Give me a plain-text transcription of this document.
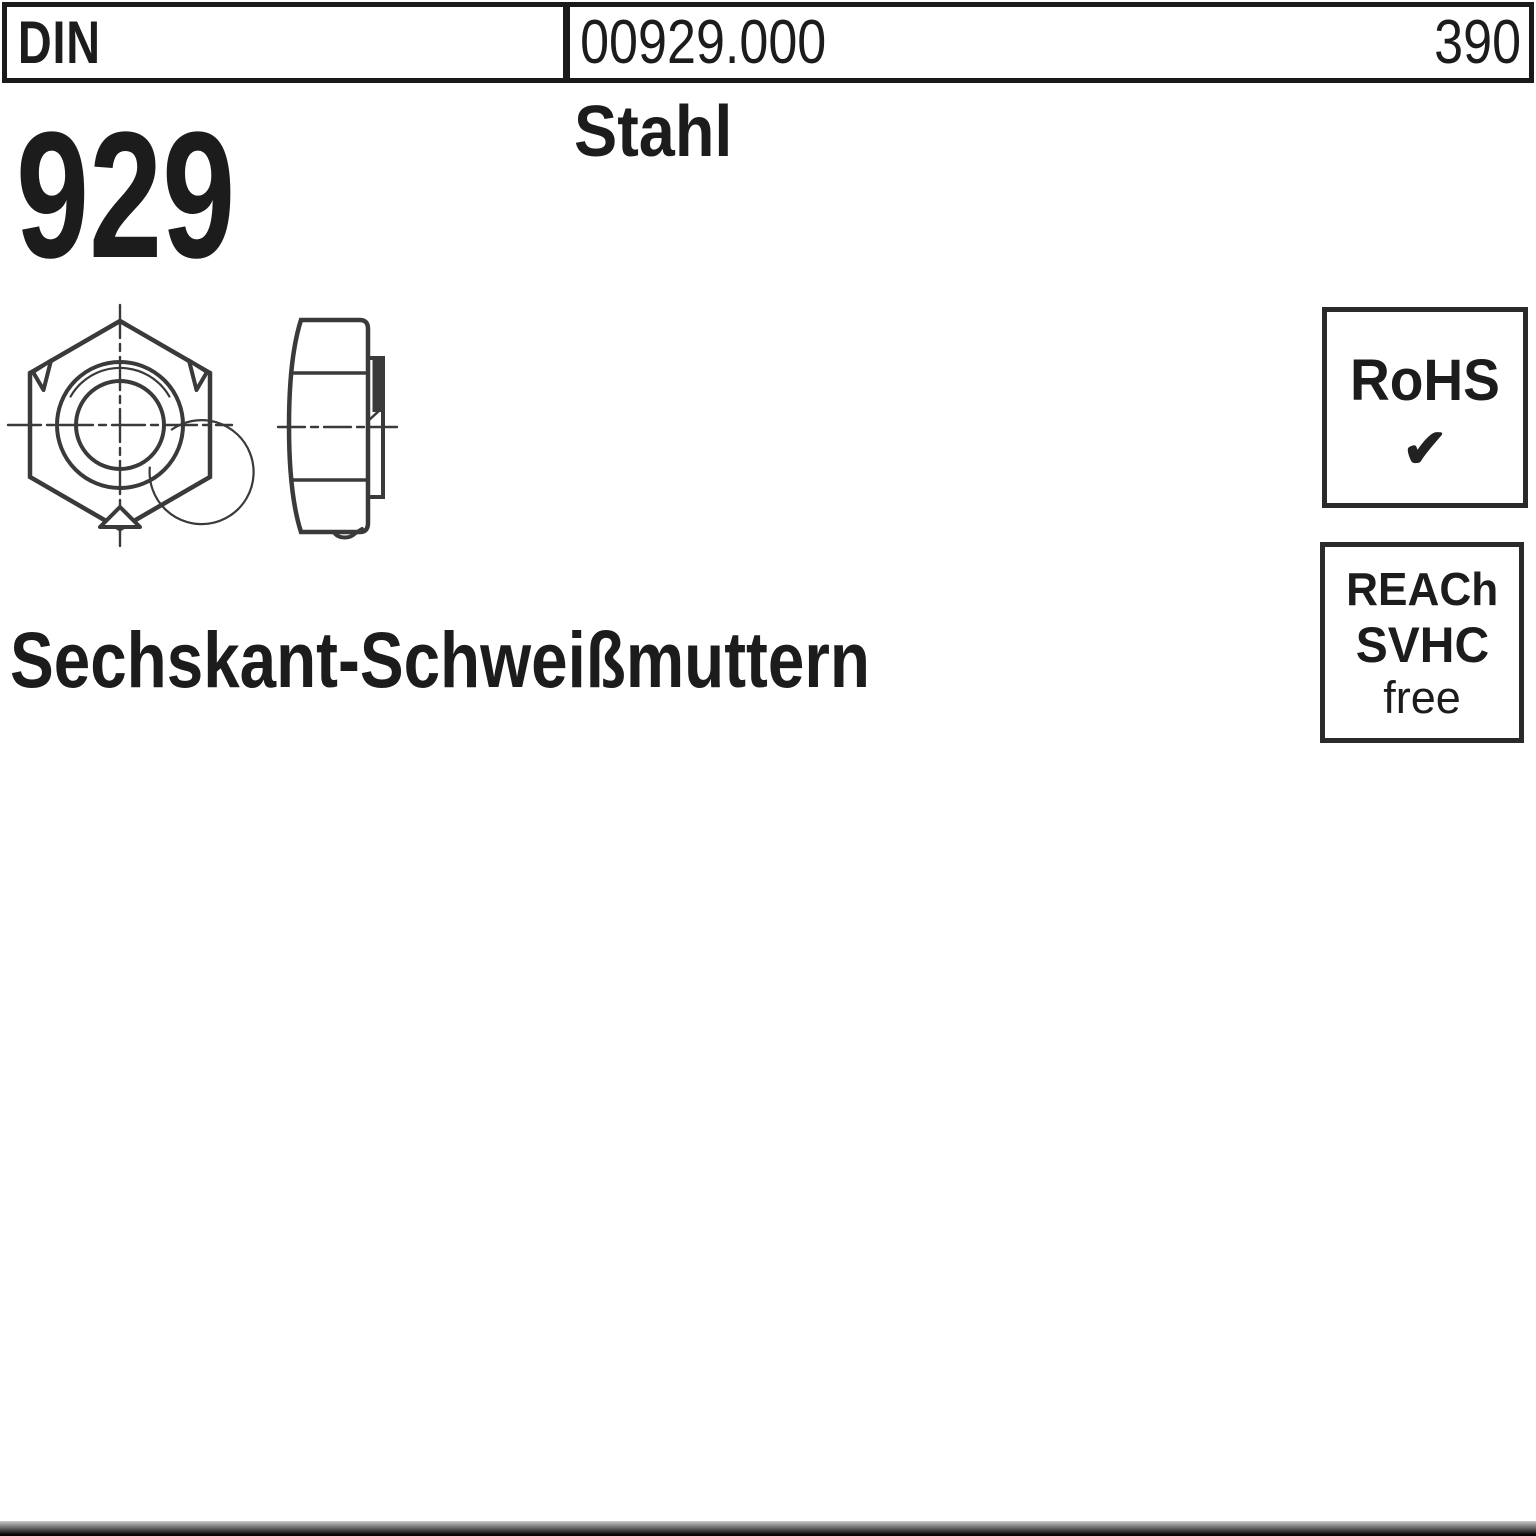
DIN	00929.000	390
929	Stahl
Sechskant-Schweißmuttern
RoHS
✔
REACh
SVHC
free
